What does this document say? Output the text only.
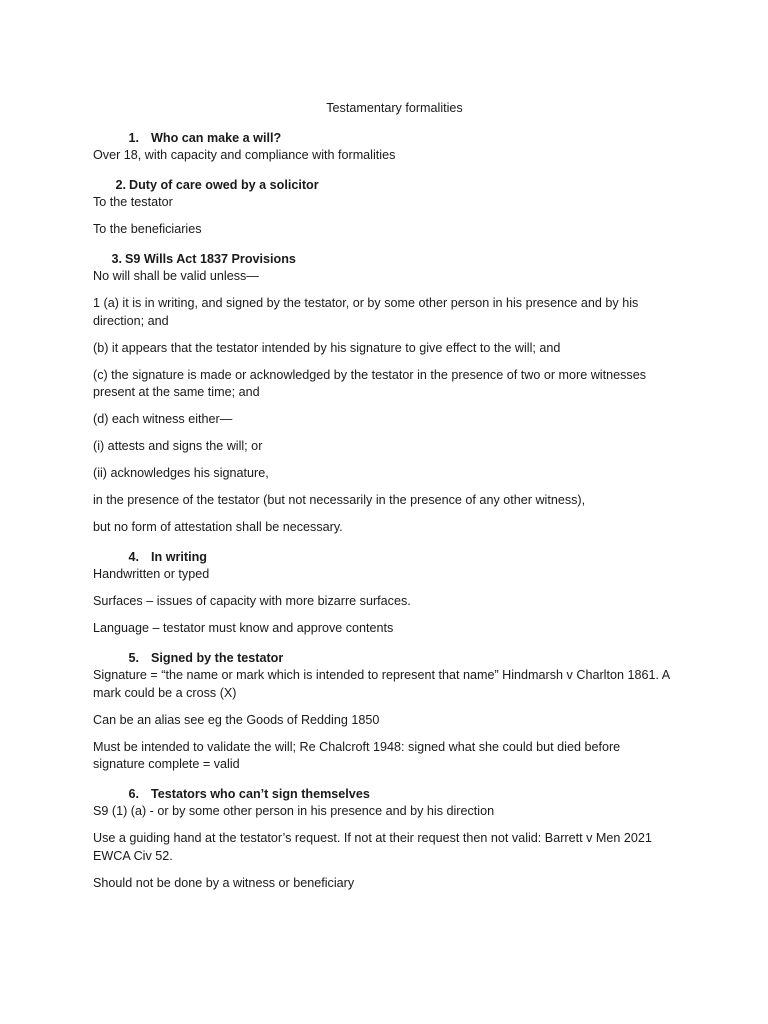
Testamentary formalities
1. Who can make a will?
Over 18, with capacity and compliance with formalities
2. Duty of care owed by a solicitor
To the testator
To the beneficiaries
3. S9 Wills Act 1837 Provisions
No will shall be valid unless—
1 (a) it is in writing, and signed by the testator, or by some other person in his presence and by his direction; and
(b) it appears that the testator intended by his signature to give effect to the will; and
(c) the signature is made or acknowledged by the testator in the presence of two or more witnesses present at the same time; and
(d) each witness either—
(i) attests and signs the will; or
(ii) acknowledges his signature,
in the presence of the testator (but not necessarily in the presence of any other witness),
but no form of attestation shall be necessary.
4. In writing
Handwritten or typed
Surfaces – issues of capacity with more bizarre surfaces.
Language – testator must know and approve contents
5. Signed by the testator
Signature = “the name or mark which is intended to represent that name” Hindmarsh v Charlton 1861. A mark could be a cross (X)
Can be an alias see eg the Goods of Redding 1850
Must be intended to validate the will; Re Chalcroft 1948: signed what she could but died before signature complete = valid
6. Testators who can’t sign themselves
S9 (1) (a) - or by some other person in his presence and by his direction
Use a guiding hand at the testator’s request. If not at their request then not valid: Barrett v Men 2021 EWCA Civ 52.
Should not be done by a witness or beneficiary
